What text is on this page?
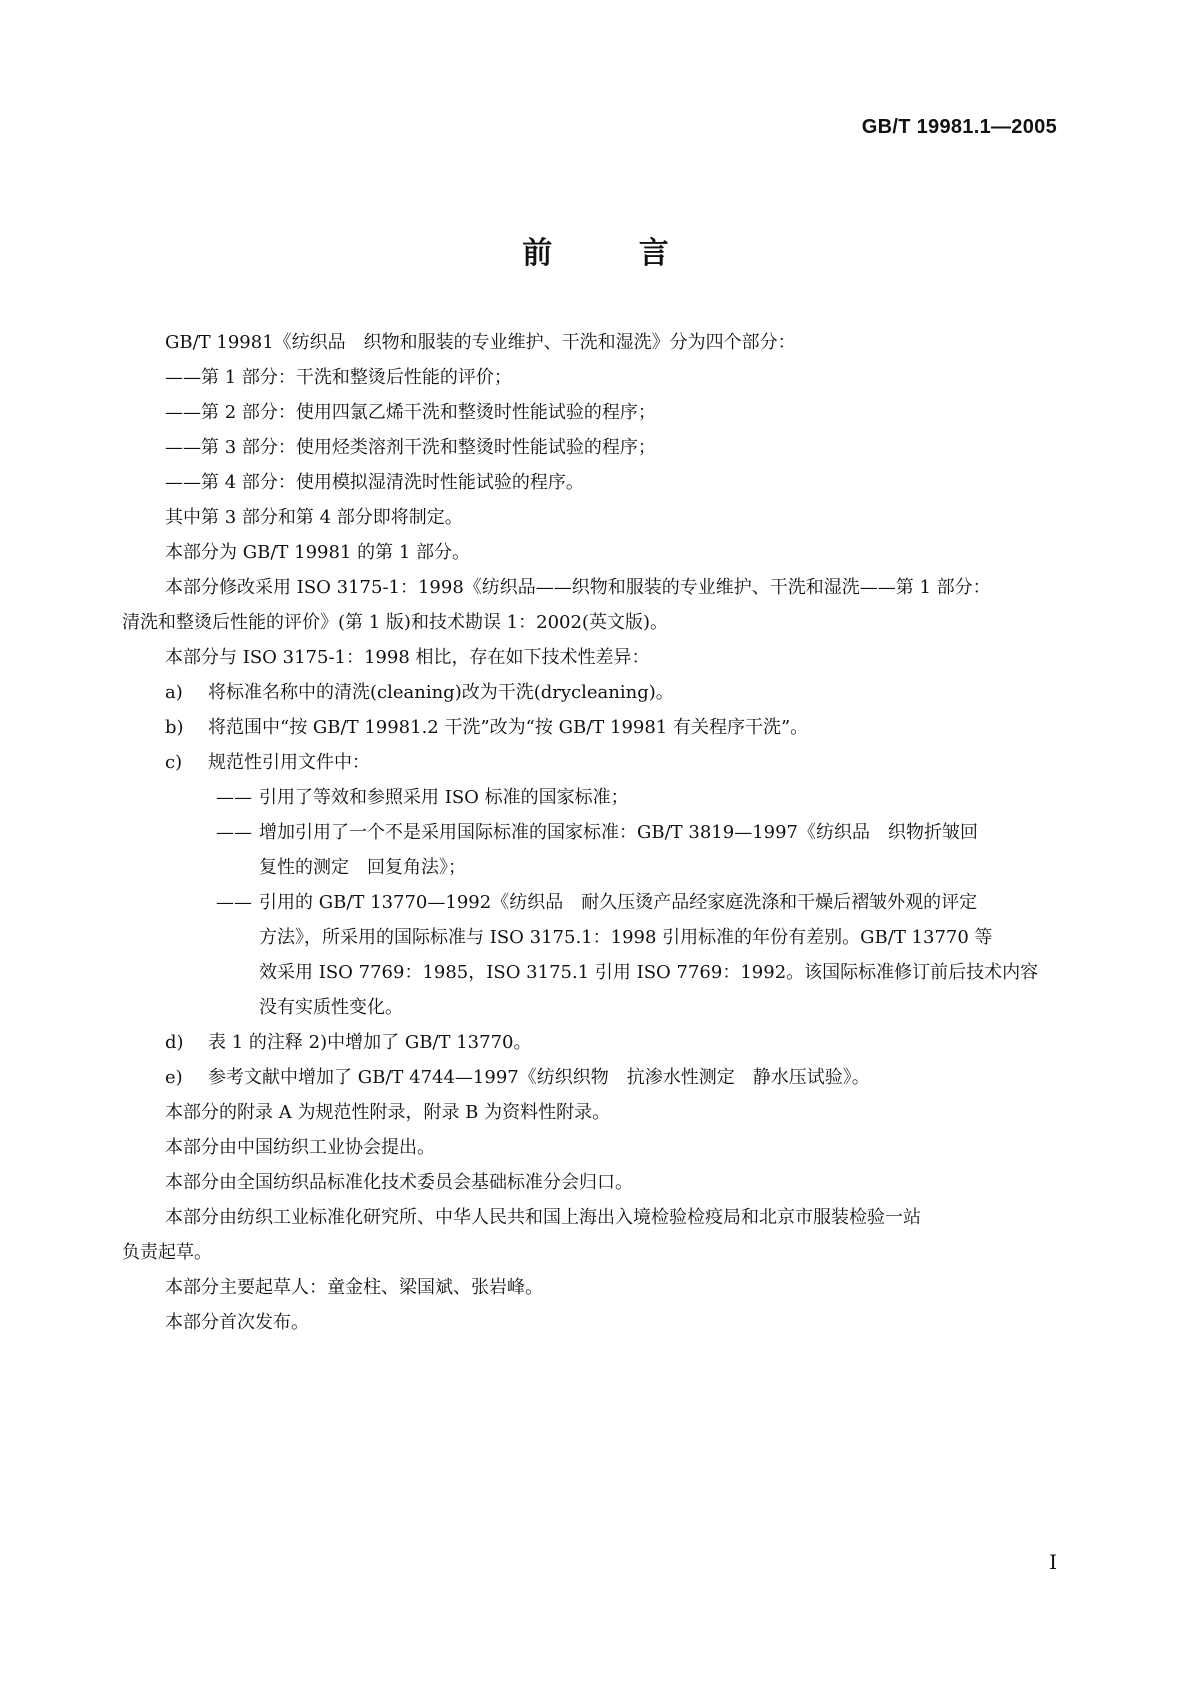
GB/T 19981.1—2005
前 言
GB/T 19981《纺织品　织物和服装的专业维护、干洗和湿洗》分为四个部分：
——第 1 部分：干洗和整烫后性能的评价；
——第 2 部分：使用四氯乙烯干洗和整烫时性能试验的程序；
——第 3 部分：使用烃类溶剂干洗和整烫时性能试验的程序；
——第 4 部分：使用模拟湿清洗时性能试验的程序。
其中第 3 部分和第 4 部分即将制定。
本部分为 GB/T 19981 的第 1 部分。
本部分修改采用 ISO 3175-1：1998《纺织品——织物和服装的专业维护、干洗和湿洗——第 1 部分：
清洗和整烫后性能的评价》(第 1 版)和技术勘误 1：2002(英文版)。
本部分与 ISO 3175-1：1998 相比，存在如下技术性差异：
a)	将标准名称中的清洗(cleaning)改为干洗(drycleaning)。
b)	将范围中“按 GB/T 19981.2 干洗”改为“按 GB/T 19981 有关程序干洗”。
c)	规范性引用文件中：
—— 引用了等效和参照采用 ISO 标准的国家标准；
—— 增加引用了一个不是采用国际标准的国家标准：GB/T 3819—1997《纺织品　织物折皱回
复性的测定　回复角法》；
—— 引用的 GB/T 13770—1992《纺织品　耐久压烫产品经家庭洗涤和干燥后褶皱外观的评定
方法》，所采用的国际标准与 ISO 3175.1：1998 引用标准的年份有差别。GB/T 13770 等
效采用 ISO 7769：1985，ISO 3175.1 引用 ISO 7769：1992。该国际标准修订前后技术内容
没有实质性变化。
d)	表 1 的注释 2)中增加了 GB/T 13770。
e)	参考文献中增加了 GB/T 4744—1997《纺织织物　抗渗水性测定　静水压试验》。
本部分的附录 A 为规范性附录，附录 B 为资料性附录。
本部分由中国纺织工业协会提出。
本部分由全国纺织品标准化技术委员会基础标准分会归口。
本部分由纺织工业标准化研究所、中华人民共和国上海出入境检验检疫局和北京市服装检验一站
负责起草。
本部分主要起草人：童金柱、梁国斌、张岩峰。
本部分首次发布。
I
